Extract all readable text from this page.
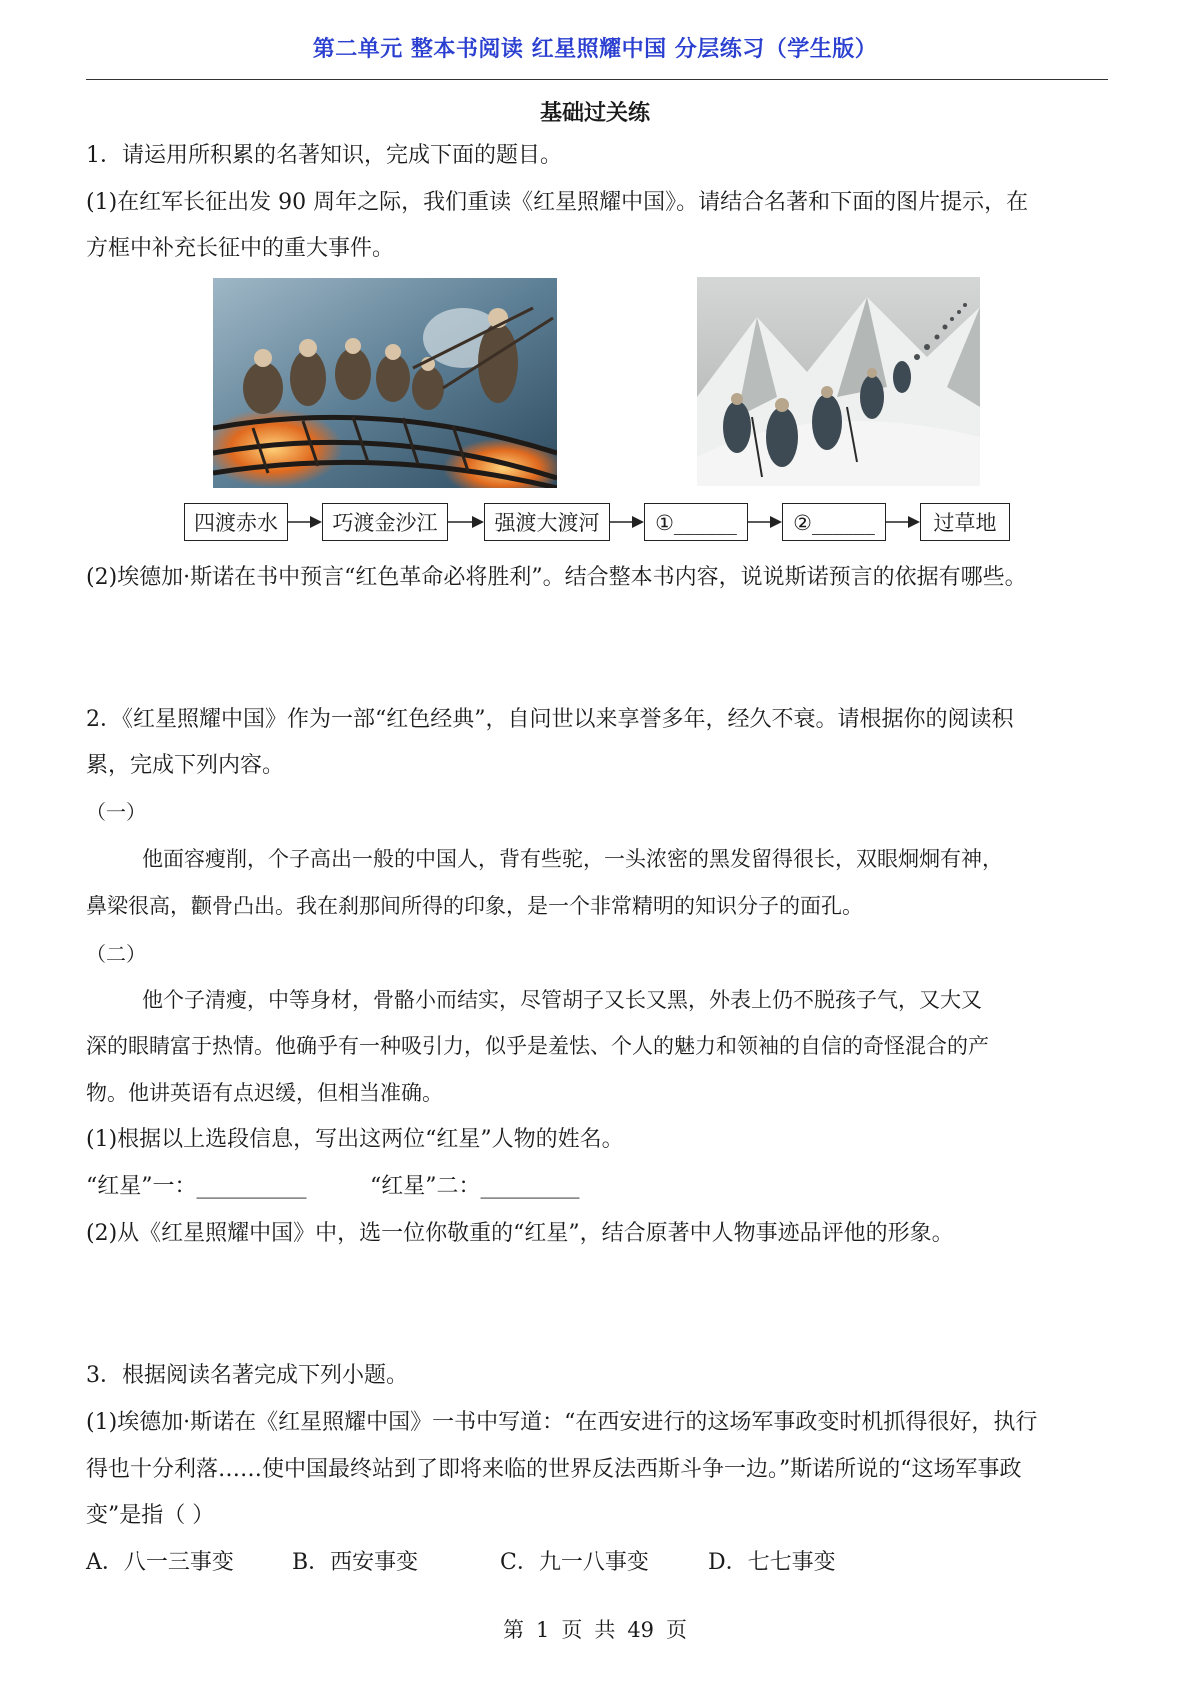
第二单元 整本书阅读 红星照耀中国 分层练习（学生版）
基础过关练
1．请运用所积累的名著知识，完成下面的题目。
(1)在红军长征出发 90 周年之际，我们重读《红星照耀中国》。请结合名著和下面的图片提示，在
方框中补充长征中的重大事件。
四渡赤水	巧渡金沙江	强渡大渡河	①______	②______	过草地
(2)埃德加·斯诺在书中预言“红色革命必将胜利”。结合整本书内容，说说斯诺预言的依据有哪些。
2．《红星照耀中国》作为一部“红色经典”，自问世以来享誉多年，经久不衰。请根据你的阅读积
累，完成下列内容。
（一）
他面容瘦削，个子高出一般的中国人，背有些驼，一头浓密的黑发留得很长，双眼炯炯有神，
鼻梁很高，颧骨凸出。我在刹那间所得的印象，是一个非常精明的知识分子的面孔。
（二）
他个子清瘦，中等身材，骨骼小而结实，尽管胡子又长又黑，外表上仍不脱孩子气，又大又
深的眼睛富于热情。他确乎有一种吸引力，似乎是羞怯、个人的魅力和领袖的自信的奇怪混合的产
物。他讲英语有点迟缓，但相当准确。
(1)根据以上选段信息，写出这两位“红星”人物的姓名。
“红星”一：__________	“红星”二：_________
(2)从《红星照耀中国》中，选一位你敬重的“红星”，结合原著中人物事迹品评他的形象。
3．根据阅读名著完成下列小题。
(1)埃德加·斯诺在《红星照耀中国》一书中写道：“在西安进行的这场军事政变时机抓得很好，执行
得也十分利落……使中国最终站到了即将来临的世界反法西斯斗争一边。”斯诺所说的“这场军事政
变”是指（ ）
A．八一三事变	B．西安事变	C．九一八事变	D．七七事变
第 1 页 共 49 页
